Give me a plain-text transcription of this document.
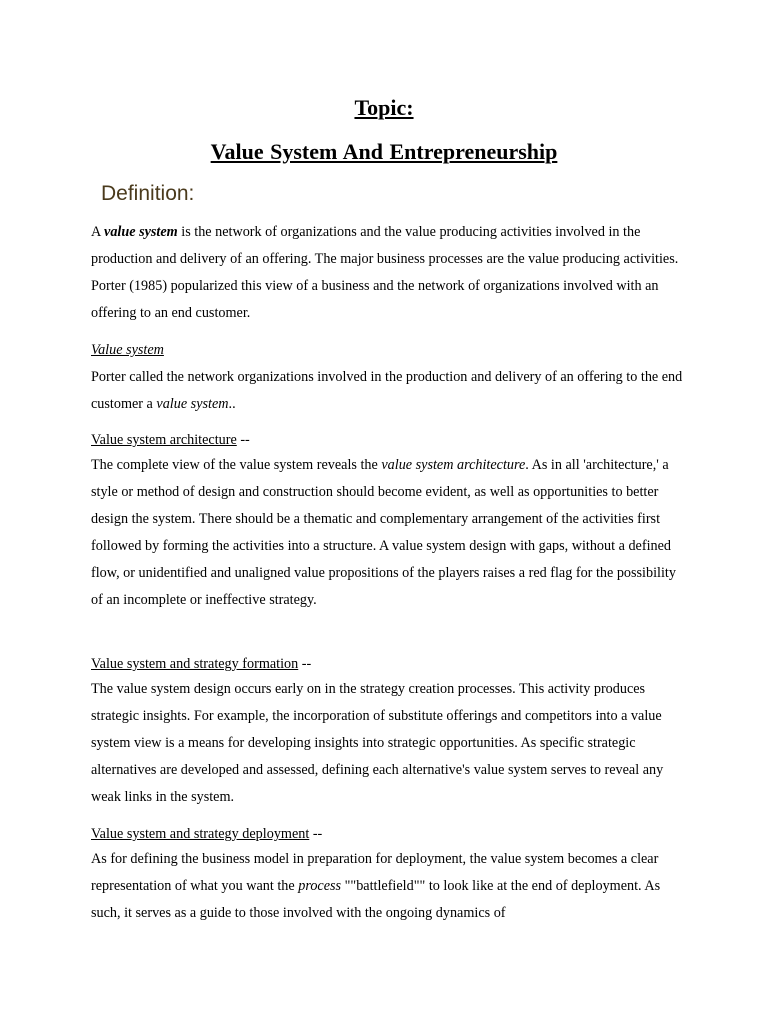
Topic:
Value System And Entrepreneurship
Definition:

A value system is the network of organizations and the value producing activities involved in the production and delivery of an offering. The major business processes are the value producing activities. Porter (1985) popularized this view of a business and the network of organizations involved with an offering to an end customer.

Value system

Porter called the network organizations involved in the production and delivery of an offering to the end customer a value system..

Value system architecture --

The complete view of the value system reveals the value system architecture. As in all 'architecture,' a style or method of design and construction should become evident, as well as opportunities to better design the system. There should be a thematic and complementary arrangement of the activities first followed by forming the activities into a structure. A value system design with gaps, without a defined flow, or unidentified and unaligned value propositions of the players raises a red flag for the possibility of an incomplete or ineffective strategy.

Value system and strategy formation --

The value system design occurs early on in the strategy creation processes. This activity produces strategic insights. For example, the incorporation of substitute offerings and competitors into a value system view is a means for developing insights into strategic opportunities. As specific strategic alternatives are developed and assessed, defining each alternative's value system serves to reveal any weak links in the system.

Value system and strategy deployment --

As for defining the business model in preparation for deployment, the value system becomes a clear representation of what you want the process ""battlefield"" to look like at the end of deployment. As such, it serves as a guide to those involved with the ongoing dynamics of
